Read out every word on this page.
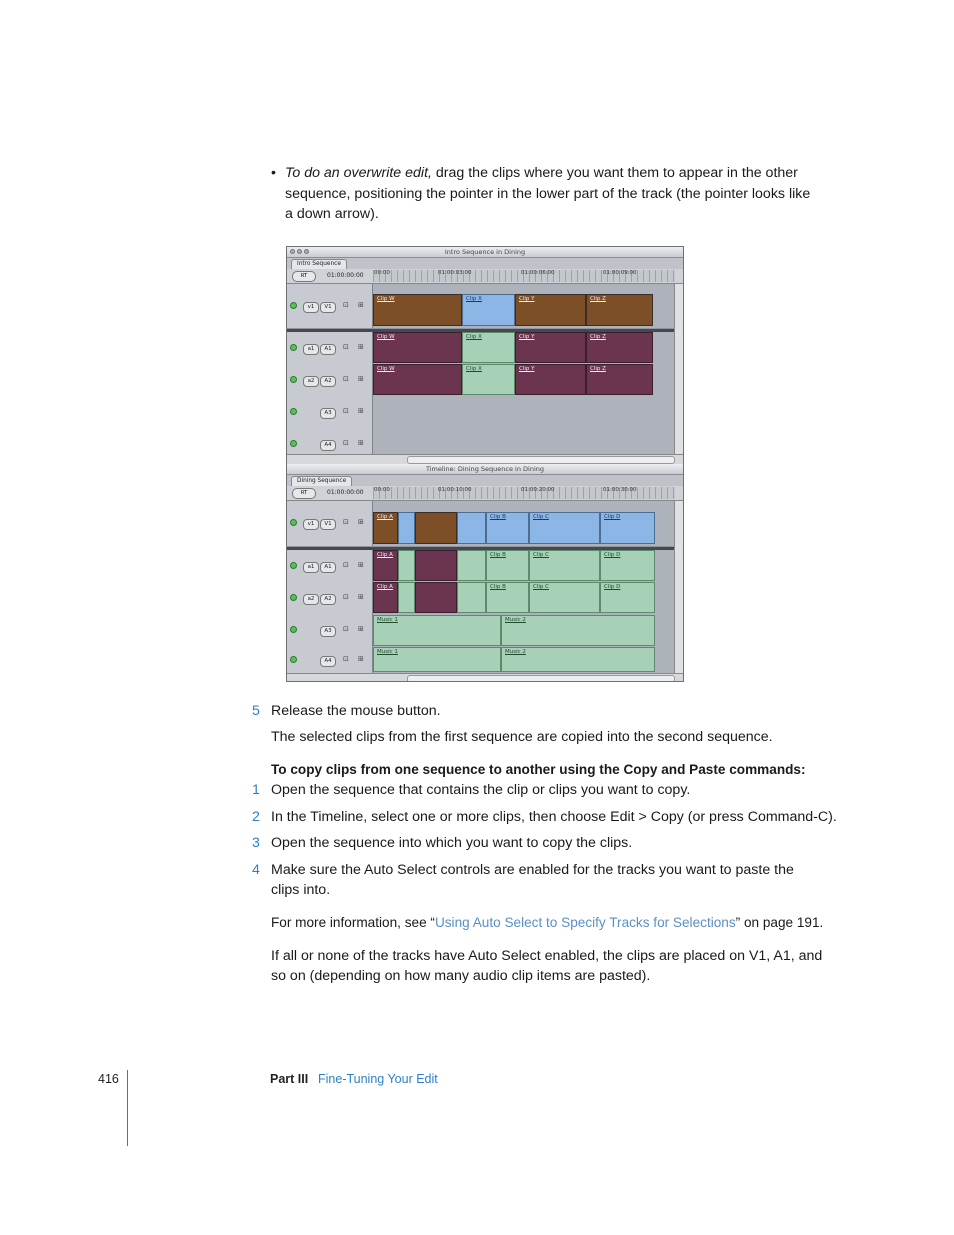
• To do an overwrite edit, drag the clips where you want them to appear in the other
sequence, positioning the pointer in the lower part of the track (the pointer looks like
a down arrow).
Intro Sequence in Dining
Intro Sequence
RT	01:00:00:00 00:00	01:00:03:00	01:00:06:00	01:00:09:00
v1	V1	⊡ ⊞
Clip W	Clip X	Clip Y	Clip Z
a1	A1	⊡ ⊞
Clip W	Clip X	Clip Y	Clip Z
a2	A2	⊡ ⊞
Clip W	Clip X	Clip Y	Clip Z
A3	⊡ ⊞
A4	⊡ ⊞
Timeline: Dining Sequence in Dining
Dining Sequence
RT	01:00:00:00 00:00	01:00:10:00	01:00:20:00	01:00:30:00
v1	V1	⊡ ⊞
Clip A	Clip B	Clip C	Clip D
a1	A1	⊡ ⊞
Clip A	Clip B	Clip C	Clip D
a2	A2	⊡ ⊞
Clip A	Clip B	Clip C	Clip D
A3	⊡ ⊞
Music 1	Music 2
A4	⊡ ⊞
Music 1	Music 2
5 Release the mouse button.
The selected clips from the first sequence are copied into the second sequence.
To copy clips from one sequence to another using the Copy and Paste commands:
1 Open the sequence that contains the clip or clips you want to copy.
2 In the Timeline, select one or more clips, then choose Edit > Copy (or press Command-C).
3 Open the sequence into which you want to copy the clips.
4 Make sure the Auto Select controls are enabled for the tracks you want to paste the
clips into.
For more information, see “Using Auto Select to Specify Tracks for Selections” on page 191.
If all or none of the tracks have Auto Select enabled, the clips are placed on V1, A1, and
so on (depending on how many audio clip items are pasted).
416	Part III Fine-Tuning Your Edit
